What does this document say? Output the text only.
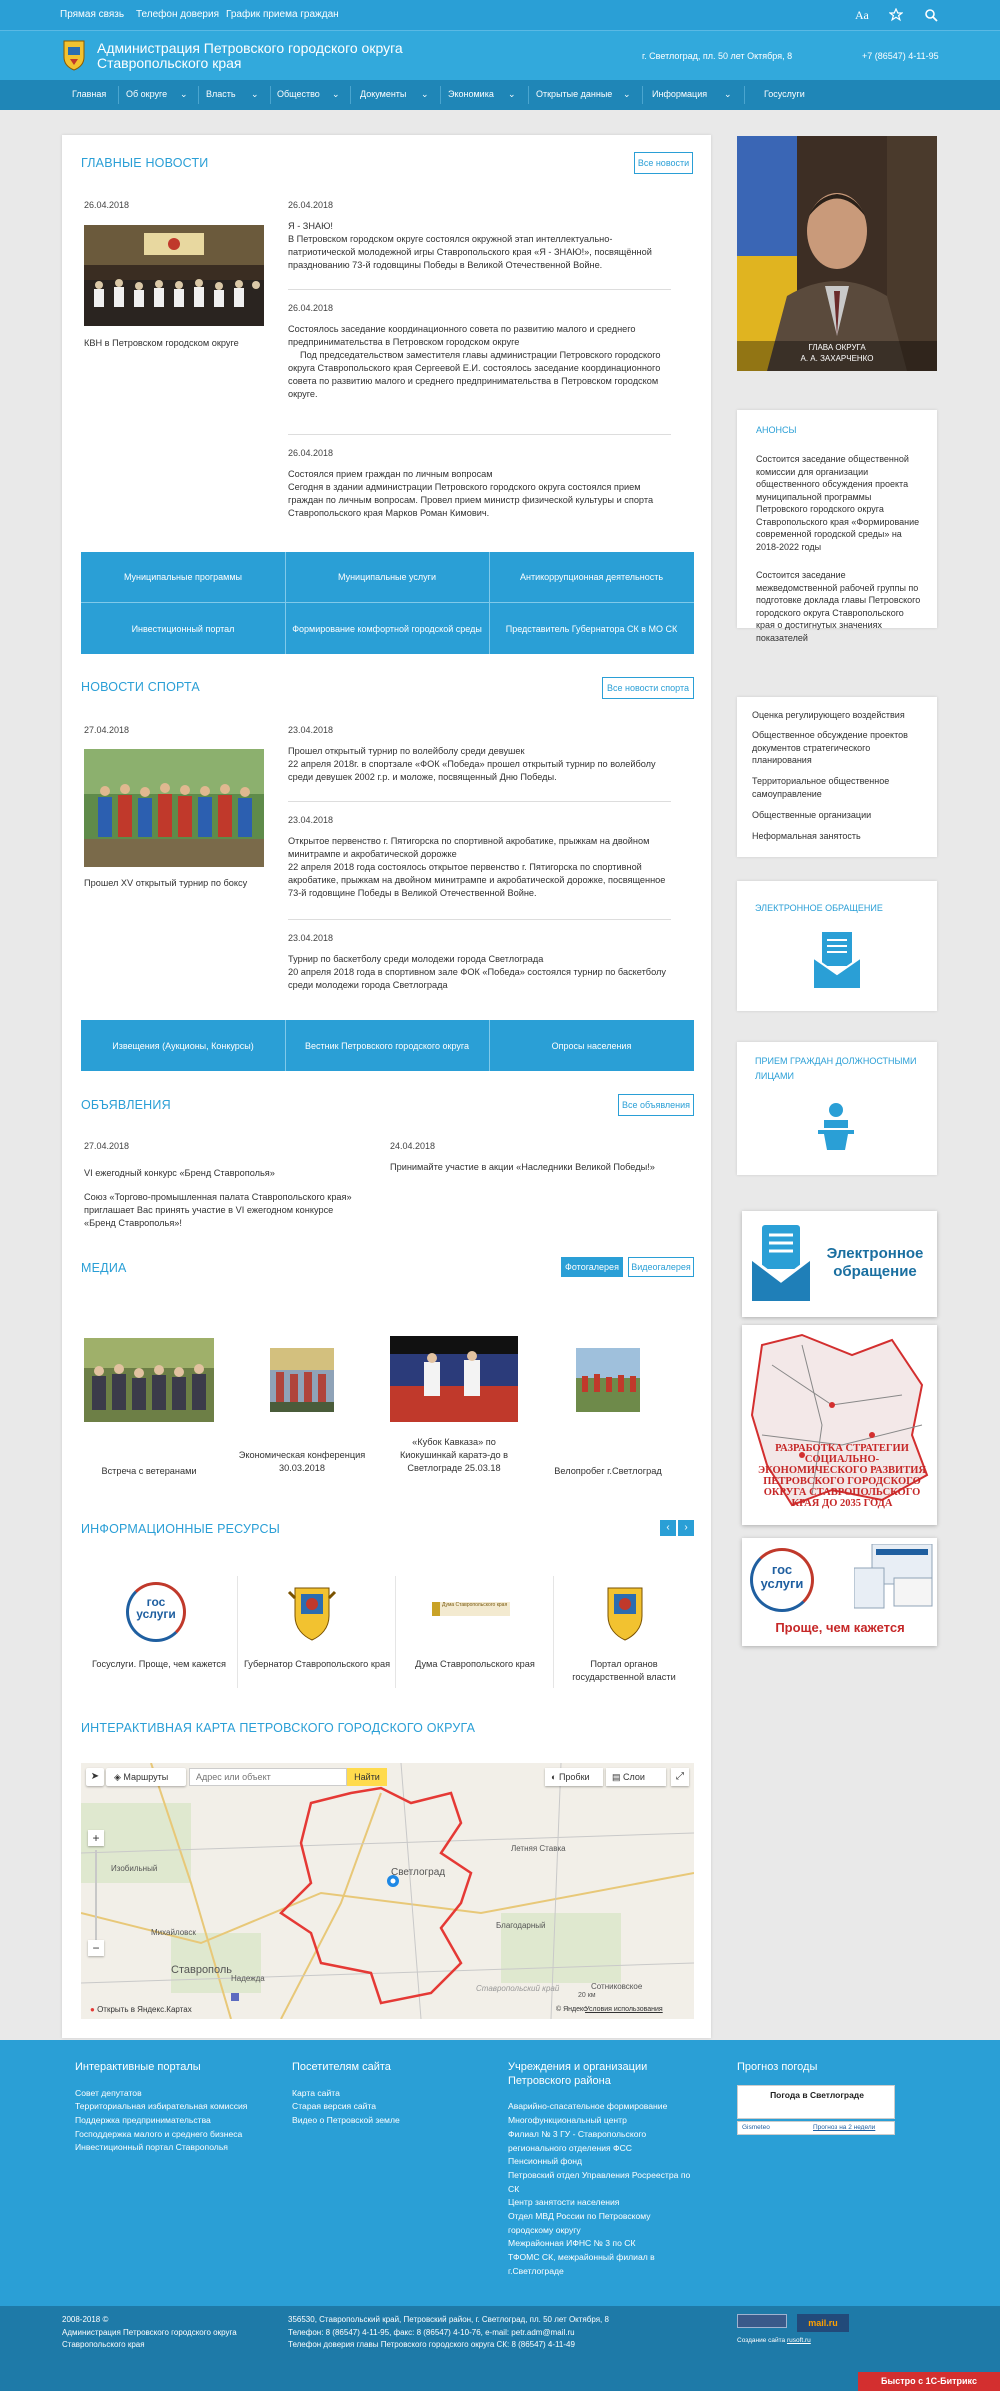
Прямая связь Телефон доверия График приема граждан	Аа
Администрация Петровского городского округа
Ставропольского края	г. Светлоград, пл. 50 лет Октября, 8	+7 (86547) 4-11-95
Главная Об округе ⌄ Власть ⌄ Общество ⌄ Документы ⌄ Экономика ⌄ Открытые данные ⌄ Информация ⌄	Госуслуги
ГЛАВНЫЕ НОВОСТИ	Все новости
26.04.2018
КВН в Петровском городском округе
26.04.2018
Я - ЗНАЮ!
В Петровском городском округе состоялся окружной этап интеллектуально-патриотической молодежной игры Ставропольского края «Я - ЗНАЮ!», посвящённой празднованию 73-й годовщины Победы в Великой Отечественной Войне.
26.04.2018
Состоялось заседание координационного совета по развитию малого и среднего предпринимательства в Петровском городском округе
Под председательством заместителя главы администрации Петровского городского округа Ставропольского края Сергеевой Е.И. состоялось заседание координационного совета по развитию малого и среднего предпринимательства в Петровском городском округе.
26.04.2018
Состоялся прием граждан по личным вопросам
Сегодня в здании администрации Петровского городского округа состоялся прием граждан по личным вопросам. Провел прием министр физической культуры и спорта Ставропольского края Марков Роман Кимович.
Муниципальные программы	Муниципальные услуги	Антикоррупционная деятельность
Инвестиционный портал	Формирование комфортной городской среды	Представитель Губернатора СК в МО СК
НОВОСТИ СПОРТА	Все новости спорта
27.04.2018
Прошел XV открытый турнир по боксу
23.04.2018
Прошел открытый турнир по волейболу среди девушек
22 апреля 2018г. в спортзале «ФОК «Победа» прошел открытый турнир по волейболу среди девушек 2002 г.р. и моложе, посвященный Дню Победы.
23.04.2018
Открытое первенство г. Пятигорска по спортивной акробатике, прыжкам на двойном минитрампе и акробатической дорожке
22 апреля 2018 года состоялось открытое первенство г. Пятигорска по спортивной акробатике, прыжкам на двойном минитрампе и акробатической дорожке, посвященное 73-й годовщине Победы в Великой Отечественной Войне.
23.04.2018
Турнир по баскетболу среди молодежи города Светлограда
20 апреля 2018 года в спортивном зале ФОК «Победа» состоялся турнир по баскетболу среди молодежи города Светлограда
Извещения (Аукционы, Конкурсы)	Вестник Петровского городского округа	Опросы населения
ОБЪЯВЛЕНИЯ	Все объявления
27.04.2018
VI ежегодный конкурс «Бренд Ставрополья»
Союз «Торгово-промышленная палата Ставропольского края» приглашает Вас принять участие в VI ежегодном конкурсе «Бренд Ставрополья»!
24.04.2018
Принимайте участие в акции «Наследники Великой Победы!»
МЕДИА	Фотогалерея	Видеогалерея
Встреча с ветеранами
Экономическая конференция 30.03.2018
«Кубок Кавказа» по Киокушинкай каратэ-до в Светлограде 25.03.18	Велопробег г.Светлоград
ИНФОРМАЦИОННЫЕ РЕСУРСЫ	‹	›
гос
услуги
Госуслуги. Проще, чем кажется	Губернатор Ставропольского края
Дума Ставропольского края
Дума Ставропольского края	Портал органов государственной власти
ИНТЕРАКТИВНАЯ КАРТА ПЕТРОВСКОГО ГОРОДСКОГО ОКРУГА
Изобильный
Михайловск
Ставрополь
Светлоград
Благодарный
Надежда
Летняя Ставка
Сотниковское
Ставропольский край
➤	◈ Маршруты
Адрес или объект	Найти	◐ Пробки	▤ Слои	⤢
+
−
● Открыть в Яндекс.Картах
20 км
© Яндекс
Условия использования
ГЛАВА ОКРУГА
А. А. ЗАХАРЧЕНКО
АНОНСЫ
Состоится заседание общественной комиссии для организации общественного обсуждения проекта муниципальной программы Петровского городского округа Ставропольского края «Формирование современной городской среды» на 2018-2022 годы
Состоится заседание межведомственной рабочей группы по подготовке доклада главы Петровского городского округа Ставропольского края о достигнутых значениях показателей
Оценка регулирующего воздействия
Общественное обсуждение проектов документов стратегического планирования
Территориальное общественное самоуправление
Общественные организации
Неформальная занятость
ЭЛЕКТРОННОЕ ОБРАЩЕНИЕ
ПРИЕМ ГРАЖДАН ДОЛЖНОСТНЫМИ ЛИЦАМИ
Электронное обращение
РАЗРАБОТКА СТРАТЕГИИ СОЦИАЛЬНО-ЭКОНОМИЧЕСКОГО РАЗВИТИЯ ПЕТРОВСКОГО ГОРОДСКОГО ОКРУГА СТАВРОПОЛЬСКОГО КРАЯ ДО 2035 ГОДА
гос
услуги
Проще, чем кажется
Интерактивные порталы
Совет депутатов
Территориальная избирательная комиссия
Поддержка предпринимательства
Господдержка малого и среднего бизнеса
Инвестиционный портал Ставрополья
Посетителям сайта
Карта сайта
Старая версия сайта
Видео о Петровской земле
Учреждения и организации Петровского района
Аварийно-спасательное формирование
Многофункциональный центр
Филиал № 3 ГУ - Ставропольского регионального отделения ФСС
Пенсионный фонд
Петровский отдел Управления Росреестра по СК
Центр занятости населения
Отдел МВД России по Петровскому городскому округу
Межрайонная ИФНС № 3 по СК
ТФОМС СК, межрайонный филиал в г.Светлограде
Прогноз погоды
Погода в Светлограде
Gismeteo	Прогноз на 2 недели
2008-2018 ©
Администрация Петровского городского округа
Ставропольского края
356530, Ставропольский край, Петровский район, г. Светлоград, пл. 50 лет Октября, 8
Телефон: 8 (86547) 4-11-95, факс: 8 (86547) 4-10-76, e-mail: petr.adm@mail.ru
Телефон доверия главы Петровского городского округа СК: 8 (86547) 4-11-49
mail.ru
Создание сайта rusoft.ru
Быстро с 1С-Битрикс
